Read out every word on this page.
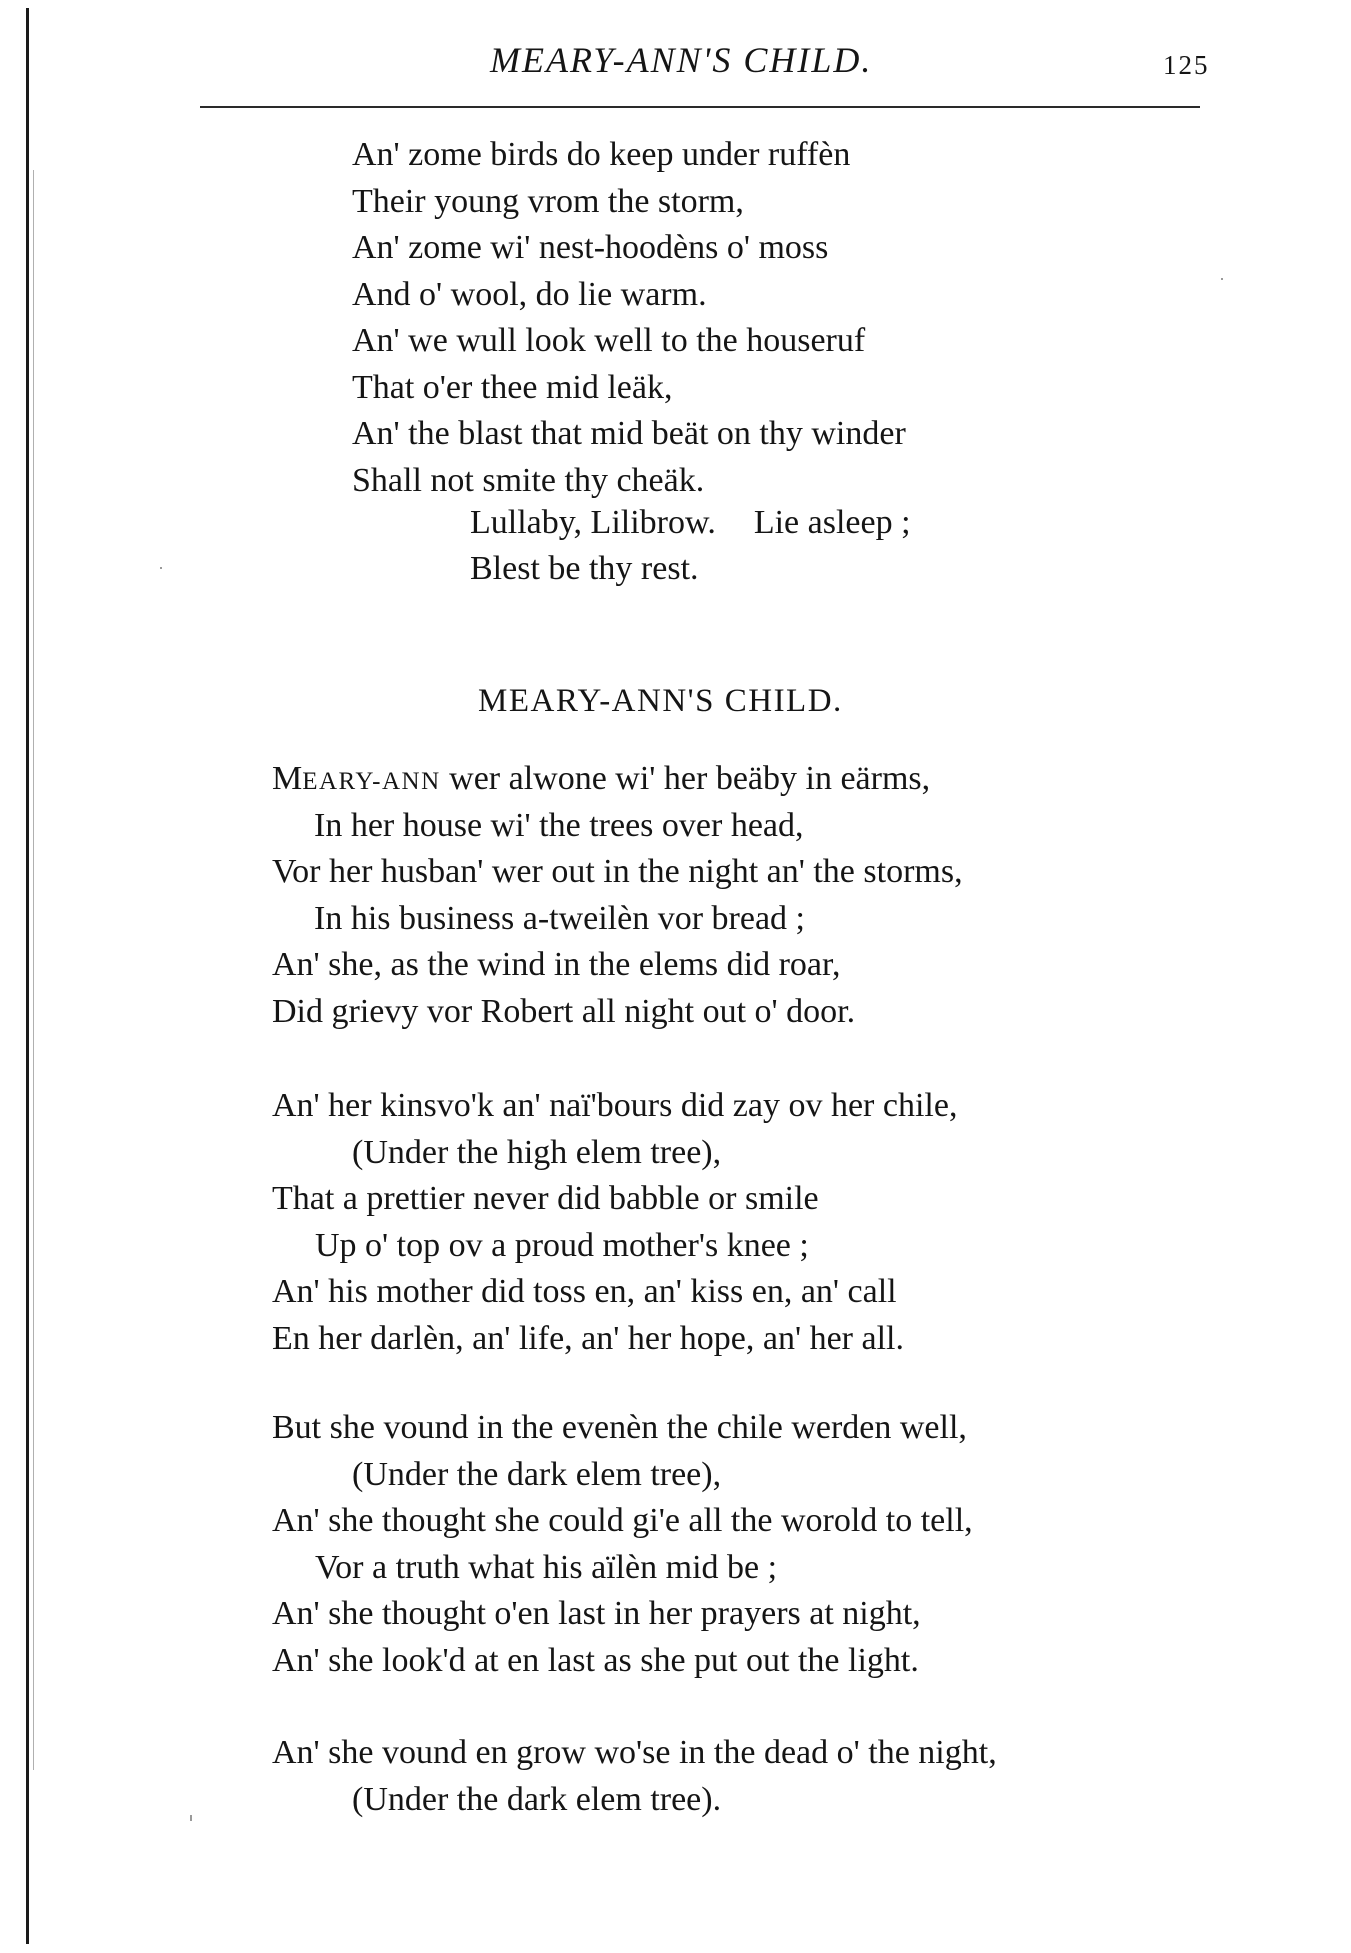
MEARY-ANN'S CHILD.	125
An' zome birds do keep under ruffèn
Their young vrom the storm,
An' zome wi' nest-hoodèns o' moss
And o' wool, do lie warm.
An' we wull look well to the houseruf
That o'er thee mid leäk,
An' the blast that mid beät on thy winder
Shall not smite thy cheäk.
Lullaby, Lilibrow. Lie asleep ;
Blest be thy rest.
MEARY-ANN'S CHILD.
MEARY-ANN wer alwone wi' her beäby in eärms,
In her house wi' the trees over head,
Vor her husban' wer out in the night an' the storms,
In his business a-tweilèn vor bread ;
An' she, as the wind in the elems did roar,
Did grievy vor Robert all night out o' door.
An' her kinsvo'k an' naï'bours did zay ov her chile,
(Under the high elem tree),
That a prettier never did babble or smile
Up o' top ov a proud mother's knee ;
An' his mother did toss en, an' kiss en, an' call
En her darlèn, an' life, an' her hope, an' her all.
But she vound in the evenèn the chile werden well,
(Under the dark elem tree),
An' she thought she could gi'e all the worold to tell,
Vor a truth what his aïlèn mid be ;
An' she thought o'en last in her prayers at night,
An' she look'd at en last as she put out the light.
An' she vound en grow wo'se in the dead o' the night,
(Under the dark elem tree).
